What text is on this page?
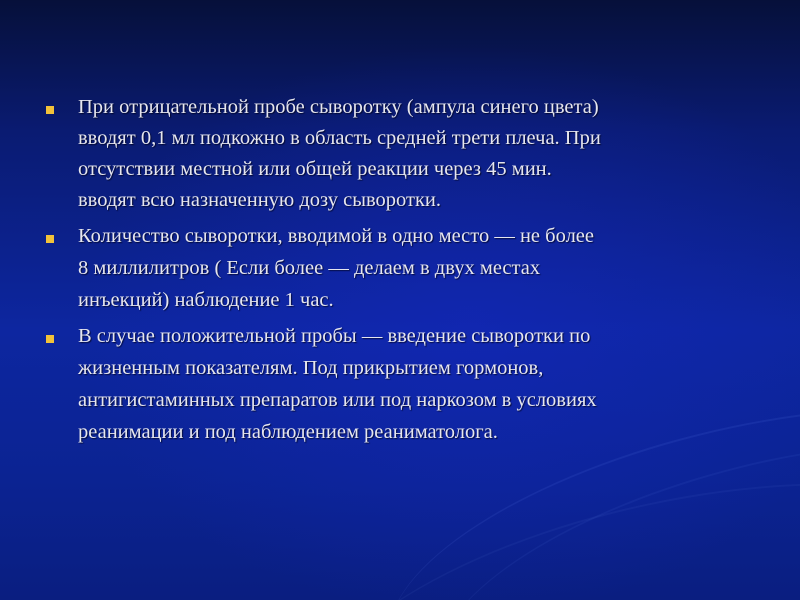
При отрицательной пробе сыворотку (ампула синего цвета)
вводят 0,1 мл подкожно в область средней трети плеча. При
отсутствии местной или общей реакции через 45 мин.
вводят всю назначенную дозу сыворотки.
Количество сыворотки, вводимой в одно место — не более
8 миллилитров ( Если более — делаем в двух местах
инъекций) наблюдение 1 час.
В случае положительной пробы — введение сыворотки по
жизненным показателям. Под прикрытием гормонов,
антигистаминных препаратов или под наркозом в условиях
реанимации и под наблюдением реаниматолога.
